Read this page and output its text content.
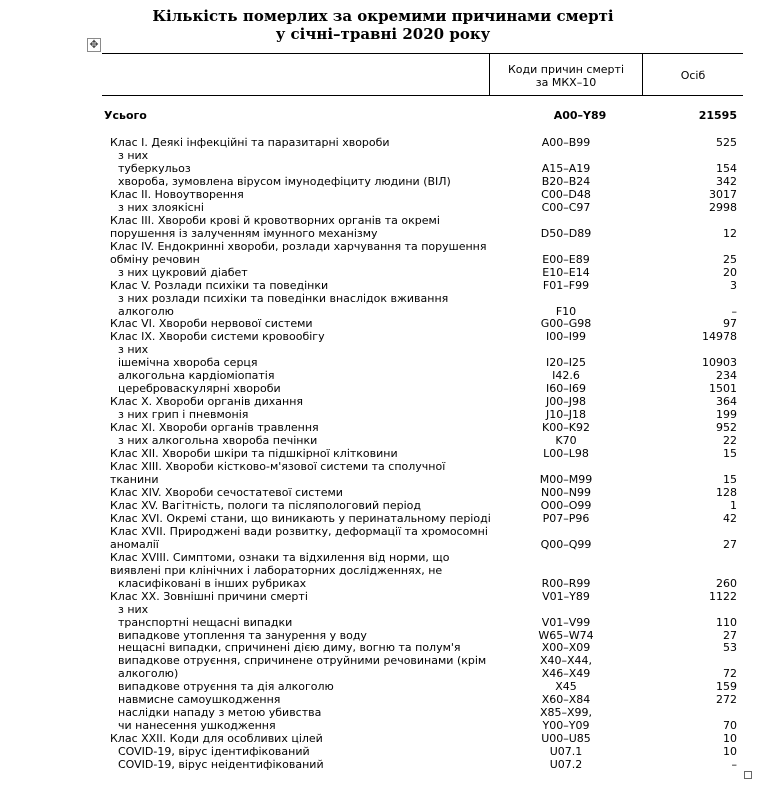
Кількість померлих за окремими причинами смерті
у січні–травні 2020 року
✥
Коди причин смерті
за МКХ–10
Осіб
Усього	A00–Y89	21595
Клас І. Деякі інфекційні та паразитарні хвороби	A00–B99	525
з них
туберкульоз	A15–A19	154
хвороба, зумовлена вірусом імунодефіциту людини (ВІЛ)	B20–B24	342
Клас ІІ. Новоутворення	C00–D48	3017
з них злоякісні	C00–C97	2998
Клас ІІІ. Хвороби крові й кровотворних органів та окремі
порушення із залученням імунного механізму	D50–D89	12
Клас IV. Ендокринні хвороби, розлади харчування та порушення
обміну речовин	E00–E89	25
з них цукровий діабет	E10–E14	20
Клас V. Розлади психіки та поведінки	F01–F99	3
з них розлади психіки та поведінки внаслідок вживання
алкоголю	F10	–
Клас VI. Хвороби нервової системи	G00–G98	97
Клас ІХ. Хвороби системи кровообігу	I00–I99	14978
з них
ішемічна хвороба серця	I20–I25	10903
алкогольна кардіоміопатія	I42.6	234
цереброваскулярні хвороби	I60–I69	1501
Клас Х. Хвороби органів дихання	J00–J98	364
з них грип і пневмонія	J10–J18	199
Клас ХI. Хвороби органів травлення	K00–K92	952
з них алкогольна хвороба печінки	K70	22
Клас ХII. Хвороби шкіри та підшкірної клітковини	L00–L98	15
Клас ХIII. Хвороби кістково-м'язової системи та сполучної
тканини	M00–M99	15
Клас ХIV. Хвороби сечостатевої системи	N00–N99	128
Клас ХV. Вагітність, пологи та післяпологовий період	O00–O99	1
Клас ХVI. Окремі стани, що виникають у перинатальному періоді	P07–P96	42
Клас ХVII. Природжені вади розвитку, деформації та хромосомні
аномалії	Q00–Q99	27
Клас ХVIII. Симптоми, ознаки та відхилення від норми, що
виявлені при клінічних і лабораторних дослідженнях, не
класифіковані в інших рубриках	R00–R99	260
Клас ХХ. Зовнішні причини смерті	V01–Y89	1122
з них
транспортні нещасні випадки	V01–V99	110
випадкове утоплення та занурення у воду	W65–W74	27
нещасні випадки, спричинені дією диму, вогню та полум'я	X00–X09	53
випадкове отруєння, спричинене отруйними речовинами (крім	X40–X44,
алкоголю)	X46–X49	72
випадкове отруєння та дія алкоголю	X45	159
навмисне самоушкодження	X60–X84	272
наслідки нападу з метою убивства	X85–X99,
чи нанесення ушкодження	Y00–Y09	70
Клас ХХII. Коди для особливих цілей	U00–U85	10
COVID-19, вірус ідентифікований	U07.1	10
COVID-19, вірус неідентифікований	U07.2	–
